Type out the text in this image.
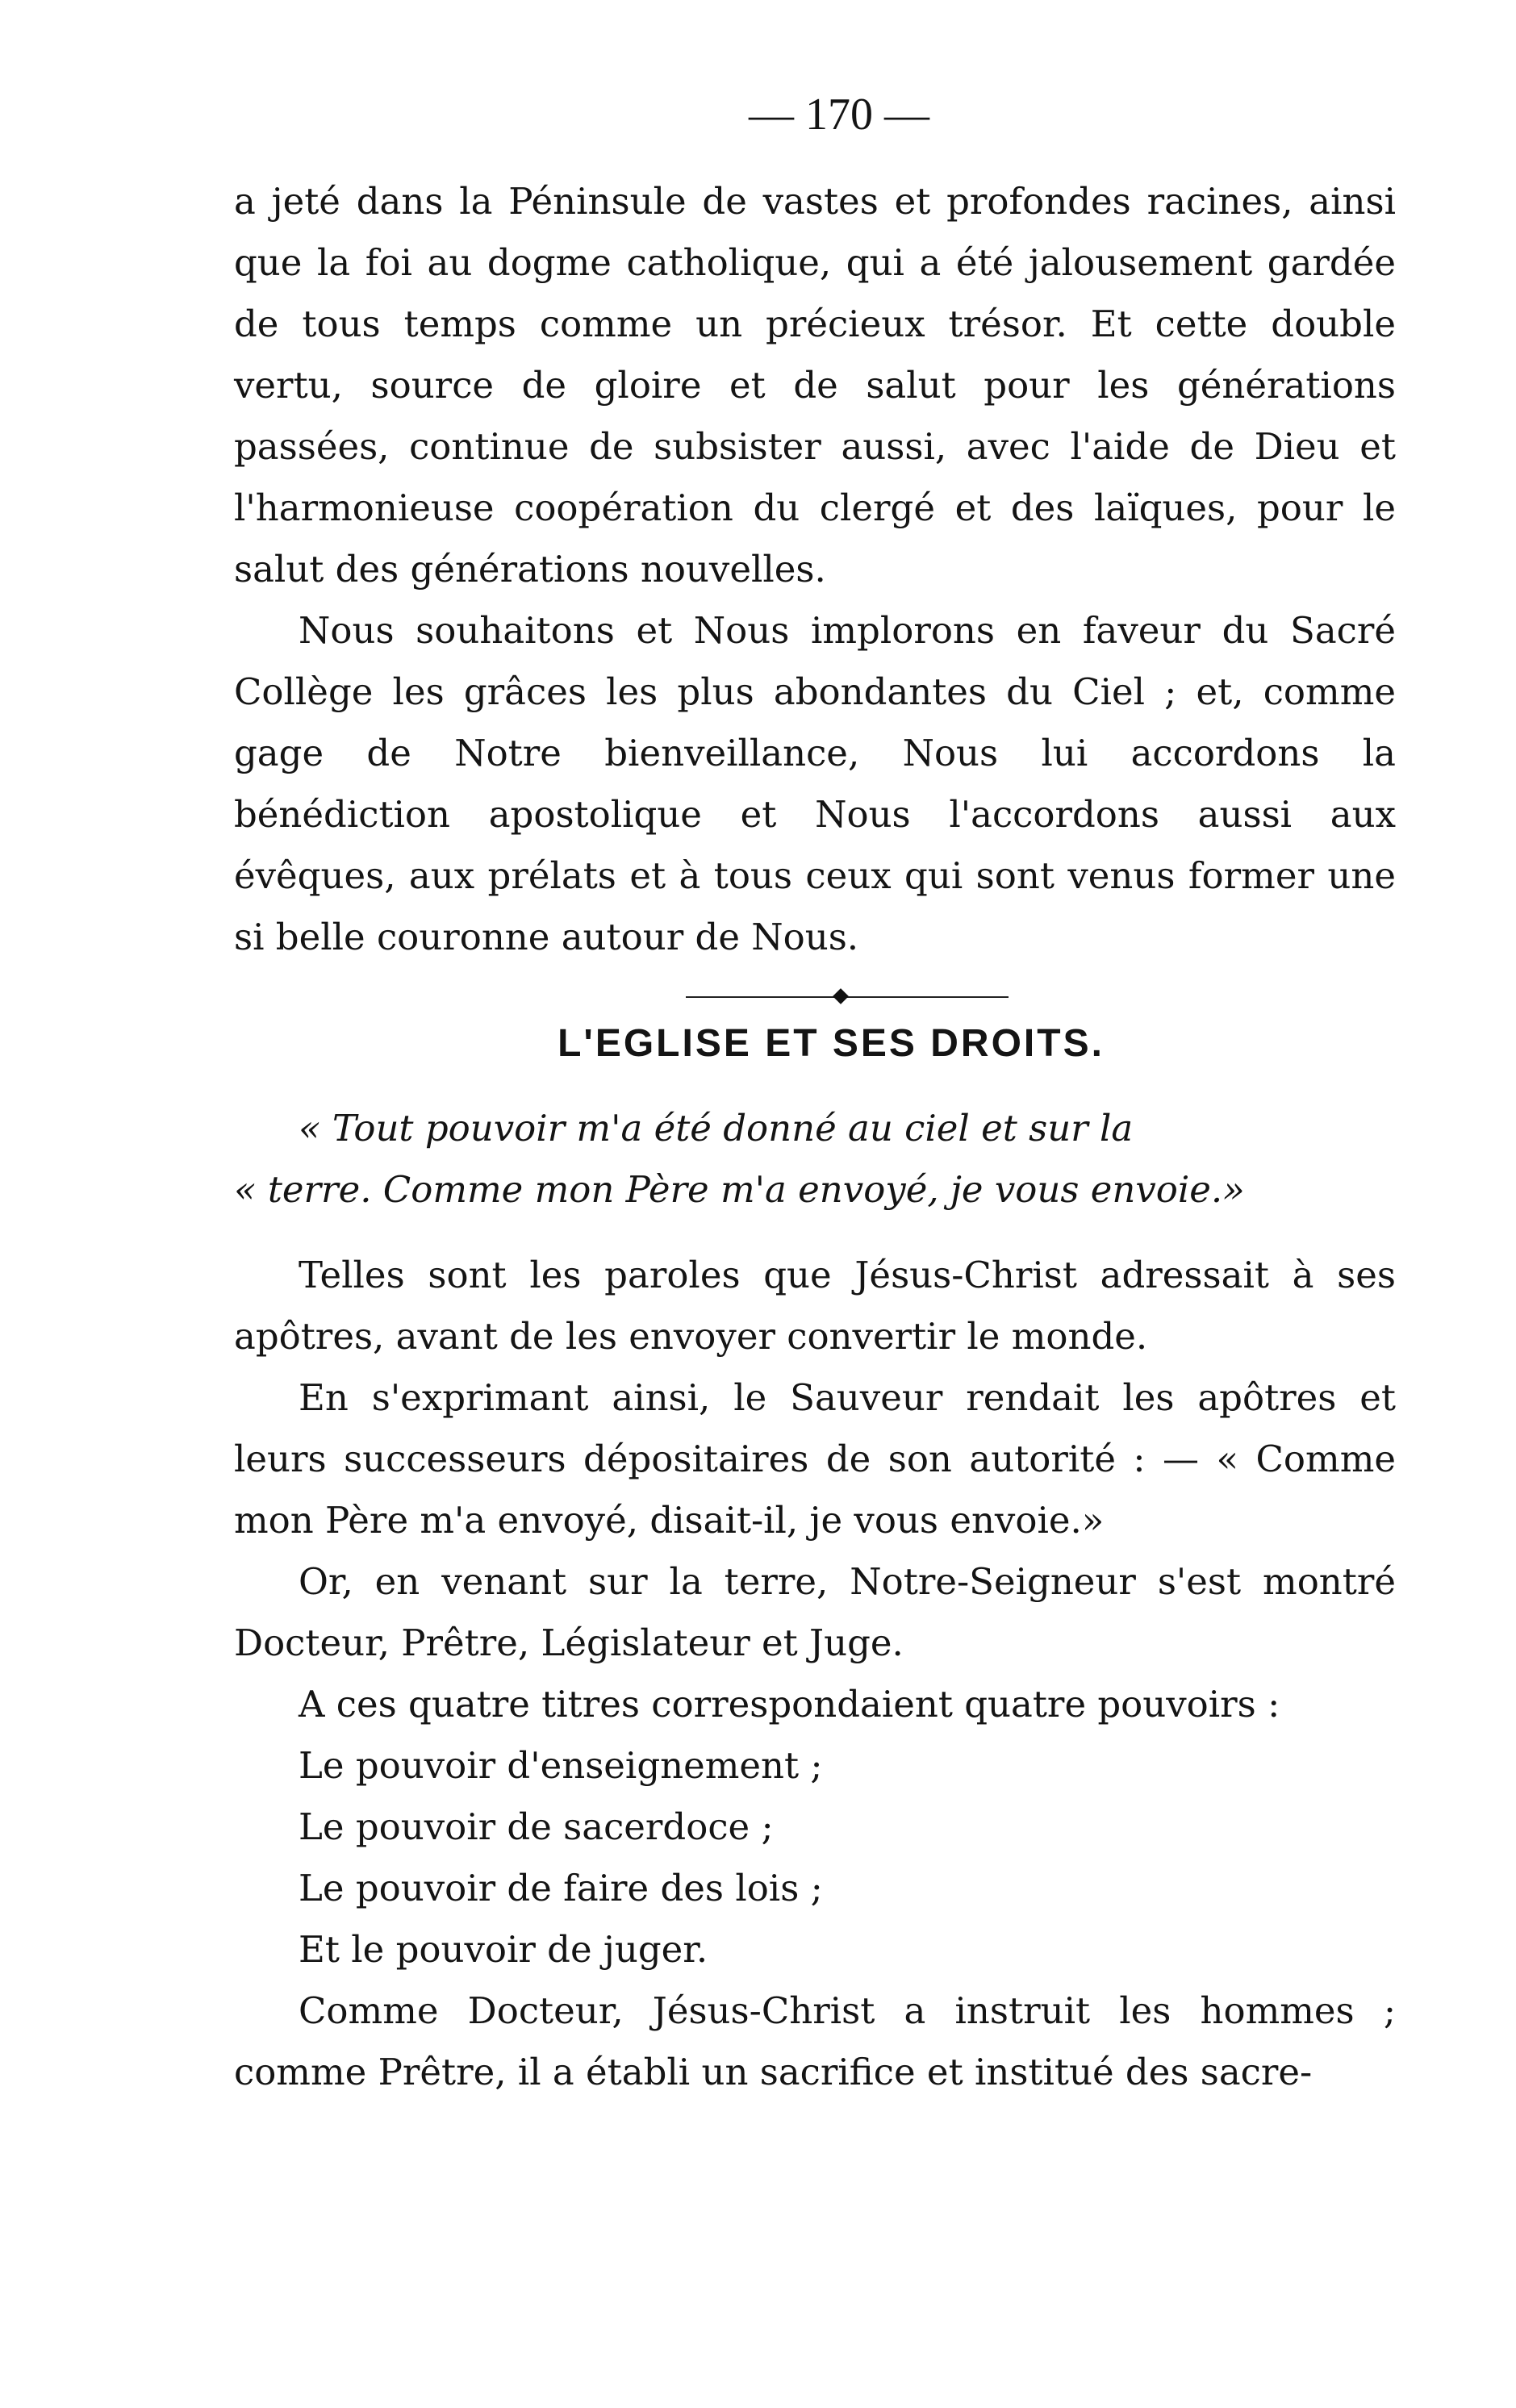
— 170 —

a jeté dans la Péninsule de vastes et profondes racines, ainsi que la foi au dogme catholique, qui a été jalousement gardée de tous temps comme un précieux trésor. Et cette double vertu, source de gloire et de salut pour les générations passées, continue de subsister aussi, avec l'aide de Dieu et l'harmonieuse coopération du clergé et des laïques, pour le salut des générations nouvelles.

Nous souhaitons et Nous implorons en faveur du Sacré Collège les grâces les plus abondantes du Ciel ; et, comme gage de Notre bienveillance, Nous lui accordons la bénédiction apostolique et Nous l'accordons aussi aux évêques, aux prélats et à tous ceux qui sont venus former une si belle couronne autour de Nous.

L'EGLISE ET SES DROITS.
« Tout pouvoir m'a été donné au ciel et sur la
« terre. Comme mon Père m'a envoyé, je vous envoie.»

Telles sont les paroles que Jésus-Christ adressait à ses apôtres, avant de les envoyer convertir le monde.

En s'exprimant ainsi, le Sauveur rendait les apôtres et leurs successeurs dépositaires de son autorité : — « Comme mon Père m'a envoyé, disait-il, je vous envoie.»

Or, en venant sur la terre, Notre-Seigneur s'est montré Docteur, Prêtre, Législateur et Juge.

A ces quatre titres correspondaient quatre pouvoirs :

Le pouvoir d'enseignement ;

Le pouvoir de sacerdoce ;

Le pouvoir de faire des lois ;

Et le pouvoir de juger.

Comme Docteur, Jésus-Christ a instruit les hommes ; comme Prêtre, il a établi un sacrifice et institué des sacre-
